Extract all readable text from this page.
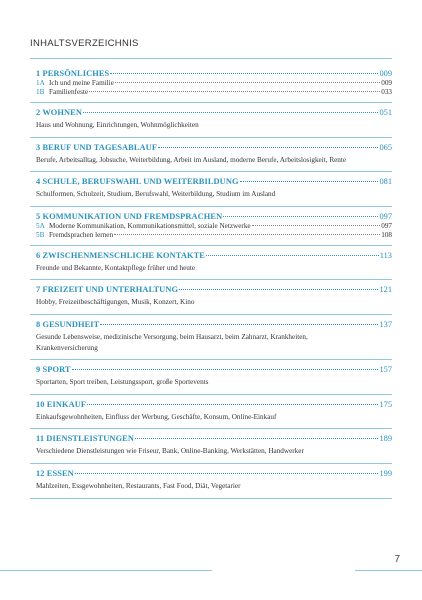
INHALTSVERZEICHNIS
1 PERSÖNLICHES	009
1A Ich und meine Familie	009
1B Familienfeste	033
2 WOHNEN	051
Haus und Wohnung, Einrichtungen, Wohnmöglichkeiten
3 BERUF UND TAGESABLAUF	065
Berufe, Arbeitsalltag, Jobsuche, Weiterbildung, Arbeit im Ausland, moderne Berufe, Arbeitslosigkeit, Rente
4 SCHULE, BERUFSWAHL UND WEITERBILDUNG	081
Schulformen, Schulzeit, Studium, Berufswahl, Weiterbildung, Studium im Ausland
5 KOMMUNIKATION UND FREMDSPRACHEN	097
5A Moderne Kommunikation, Kommunikationsmittel, soziale Netzwerke	097
5B Fremdsprachen lernen	108
6 ZWISCHENMENSCHLICHE KONTAKTE	113
Freunde und Bekannte, Kontaktpflege früher und heute
7 FREIZEIT UND UNTERHALTUNG	121
Hobby, Freizeitbeschäftigungen, Musik, Konzert, Kino
8 GESUNDHEIT	137
Gesunde Lebensweise, medizinische Versorgung, beim Hausarzt, beim Zahnarzt, Krankheiten, Krankenversicherung
9 SPORT	157
Sportarten, Sport treiben, Leistungssport, große Sportevents
10 EINKAUF	175
Einkaufsgewohnheiten, Einfluss der Werbung, Geschäfte, Konsum, Online-Einkauf
11 DIENSTLEISTUNGEN	189
Verschiedene Dienstleistungen wie Friseur, Bank, Online-Banking, Werkstätten, Handwerker
12 ESSEN	199
Mahlzeiten, Essgewohnheiten, Restaurants, Fast Food, Diät, Vegetarier
7
